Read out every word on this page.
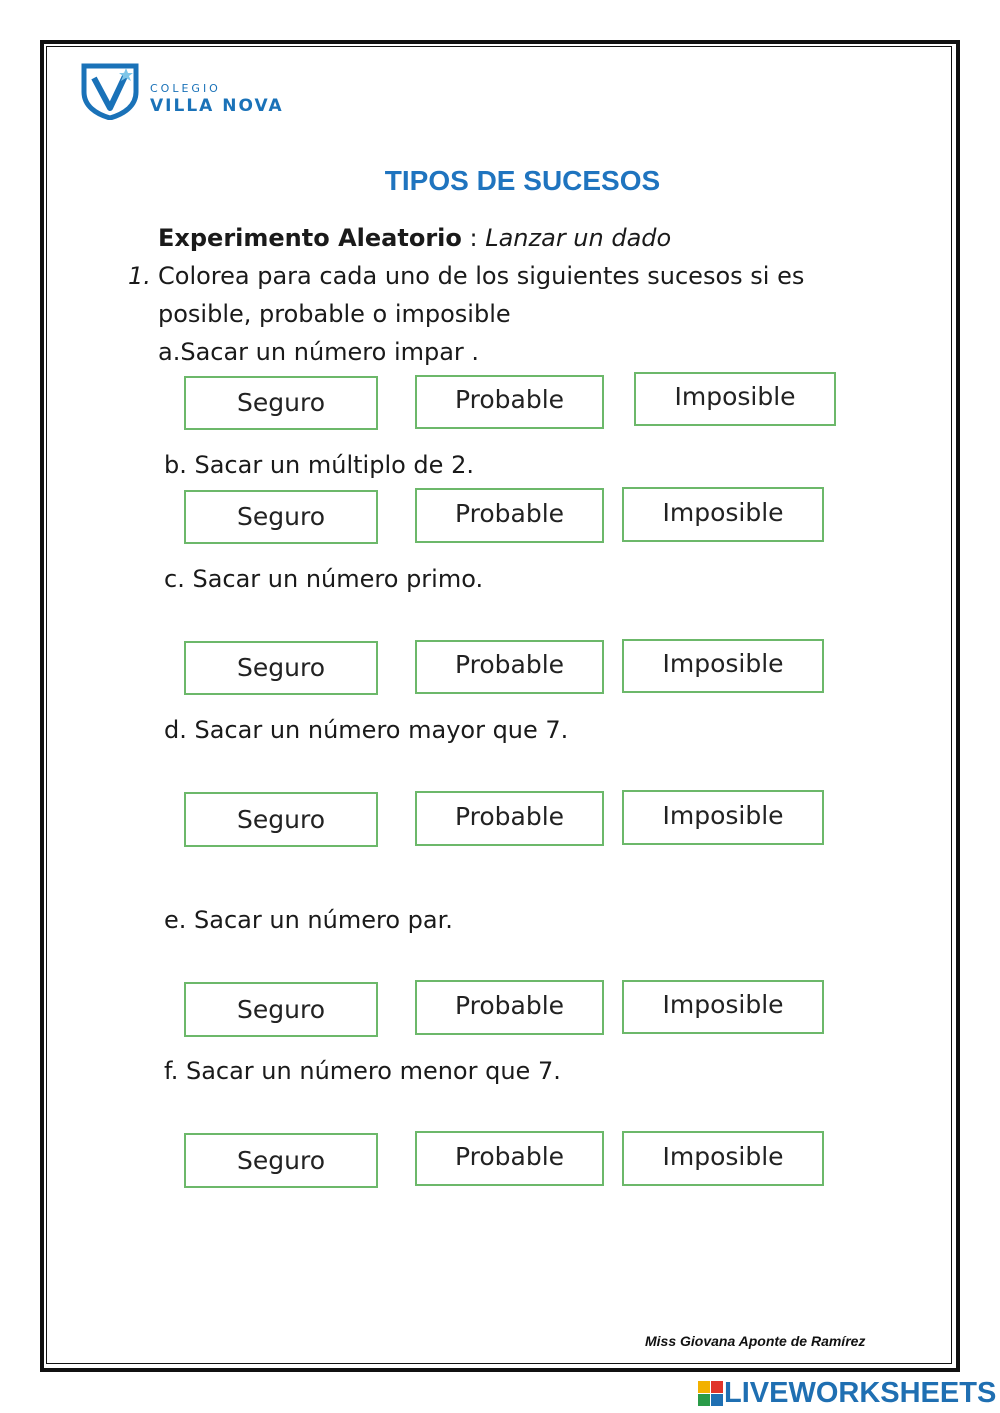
COLEGIO
VILLA NOVA
TIPOS DE SUCESOS
Experimento Aleatorio : Lanzar un dado
1. Colorea para cada uno de los siguientes sucesos si es
posible, probable o imposible
a.Sacar un número impar .
Seguro	Probable	Imposible
b. Sacar un múltiplo de 2.
Seguro	Probable	Imposible
c. Sacar un número primo.
Seguro	Probable	Imposible
d. Sacar un número mayor que 7.
Seguro	Probable	Imposible
e. Sacar un número par.
Seguro	Probable	Imposible
f. Sacar un número menor que 7.
Seguro	Probable	Imposible
Miss Giovana Aponte de Ramírez
LIVEWORKSHEETS
